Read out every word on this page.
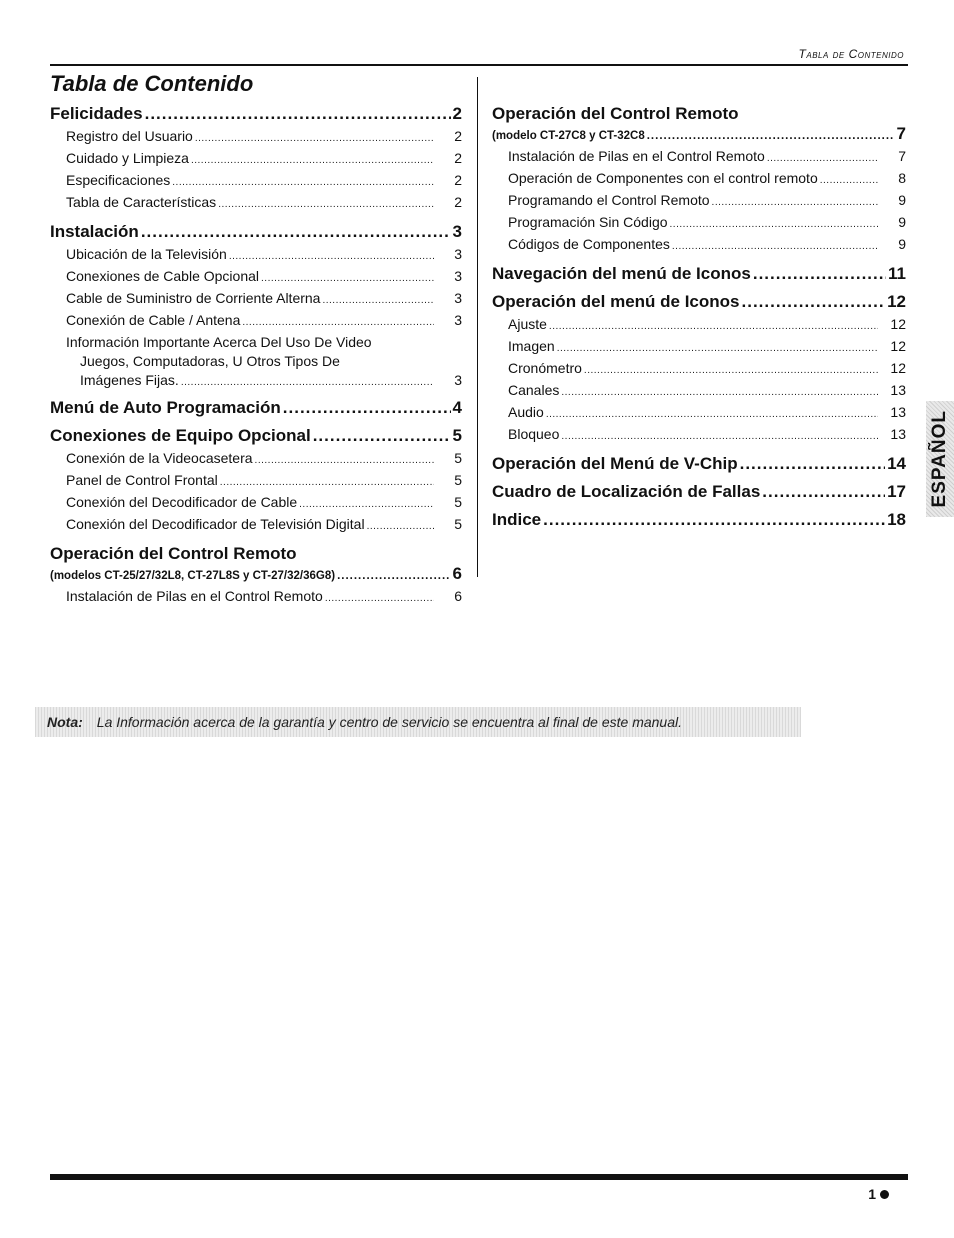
Tabla de Contenido
Tabla de Contenido
Felicidades .....	2
Registro del Usuario .....	2
Cuidado y Limpieza .....	2
Especificaciones .....	2
Tabla de Características .....	2
Instalación .....	3
Ubicación de la Televisión .....	3
Conexiones de Cable Opcional .....	3
Cable de Suministro de Corriente Alterna .....	3
Conexión de Cable / Antena .....	3
Información Importante Acerca Del Uso De Video
Juegos, Computadoras, U Otros Tipos De
Imágenes Fijas. .....	3
Menú de Auto Programación .....	4
Conexiones de Equipo Opcional .....	5
Conexión de la Videocasetera .....	5
Panel de Control Frontal .....	5
Conexión del Decodificador de Cable .....	5
Conexión del Decodificador de Televisión Digital .....	5
Operación del Control Remoto
(modelos CT-25/27/32L8, CT-27L8S y CT-27/32/36G8) .....	6
Instalación de Pilas en el Control Remoto .....	6
Operación del Control Remoto
(modelo CT-27C8 y CT-32C8 .....	7
Instalación de Pilas en el Control Remoto .....	7
Operación de Componentes con el control remoto .....	8
Programando el Control Remoto .....	9
Programación Sin Código .....	9
Códigos de Componentes .....	9
Navegación del menú de Iconos .....	11
Operación del menú de Iconos .....	12
Ajuste .....	12
Imagen .....	12
Cronómetro .....	12
Canales .....	13
Audio .....	13
Bloqueo .....	13
Operación del Menú de V-Chip .....	14
Cuadro de Localización de Fallas .....	17
Indice .....	18
ESPAÑOL
Nota: La Información acerca de la garantía y centro de servicio se encuentra al final de este manual.
1
